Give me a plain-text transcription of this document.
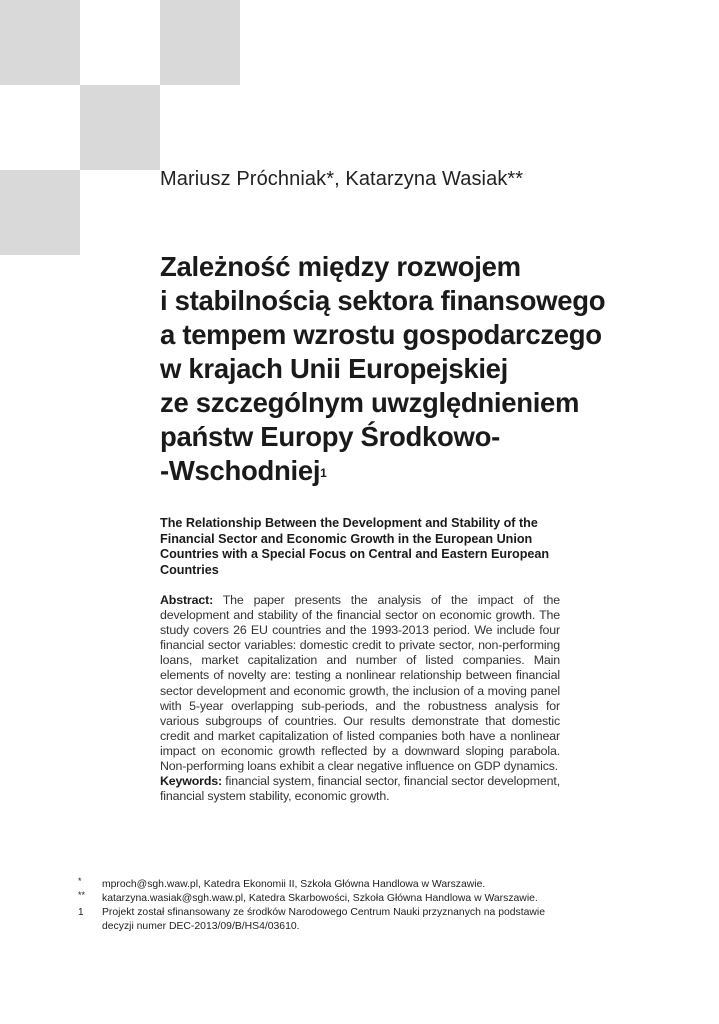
Mariusz Próchniak*, Katarzyna Wasiak**
Zależność między rozwojem
i stabilnością sektora finansowego
a tempem wzrostu gospodarczego
w krajach Unii Europejskiej
ze szczególnym uwzględnieniem
państw Europy Środkowo-
-Wschodniej$^1$
The Relationship Between the Development and Stability of the
Financial Sector and Economic Growth in the European Union
Countries with a Special Focus on Central and Eastern European
Countries
Abstract: The paper presents the analysis of the impact of the development and stability of the financial sector on economic growth. The study covers 26 EU countries and the 1993-2013 period. We include four financial sector variables: domestic credit to private sector, non-performing loans, market capitalization and number of listed companies. Main elements of novelty are: testing a nonlinear relationship between financial sector development and economic growth, the inclusion of a moving panel with 5-year overlapping sub-periods, and the robustness analysis for various subgroups of countries. Our results demonstrate that domestic credit and market capitalization of listed companies both have a nonlinear impact on economic growth reflected by a downward sloping parabola. Non-performing loans exhibit a clear negative influence on GDP dynamics.
Keywords: financial system, financial sector, financial sector development, financial system stability, economic growth.
* mproch@sgh.waw.pl, Katedra Ekonomii II, Szkoła Główna Handlowa w Warszawie.
** katarzyna.wasiak@sgh.waw.pl, Katedra Skarbowości, Szkoła Główna Handlowa w Warszawie.
1 Projekt został sfinansowany ze środków Narodowego Centrum Nauki przyznanych na podstawie decyzji numer DEC-2013/09/B/HS4/03610.
